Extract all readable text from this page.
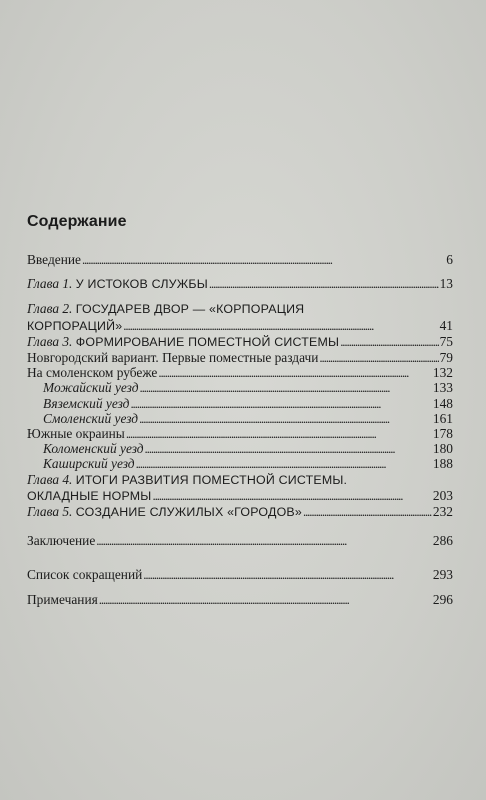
Содержание
Введение . . .	6
Глава 1.
У ИСТОКОВ СЛУЖБЫ . . .	13
Глава 2. ГОСУДАРЕВ ДВОР — «КОРПОРАЦИЯ
КОРПОРАЦИЙ» . . .	41
Глава 3.
ФОРМИРОВАНИЕ ПОМЕСТНОЙ СИСТЕМЫ . . .	75
Новгородский вариант. Первые поместные раздачи . . .	79
На смоленском рубеже . . .	132
Можайский уезд . . .	133
Вяземский уезд . . .	148
Смоленский уезд . . .	161
Южные окраины . . .	178
Коломенский уезд . . .	180
Каширский уезд . . .	188
Глава 4. ИТОГИ РАЗВИТИЯ ПОМЕСТНОЙ СИСТЕМЫ.
ОКЛАДНЫЕ НОРМЫ . . .	203
Глава 5.
СОЗДАНИЕ СЛУЖИЛЫХ «ГОРОДОВ» . . .	232
Заключение . . .	286
Список сокращений . . .	293
Примечания . . .	296
